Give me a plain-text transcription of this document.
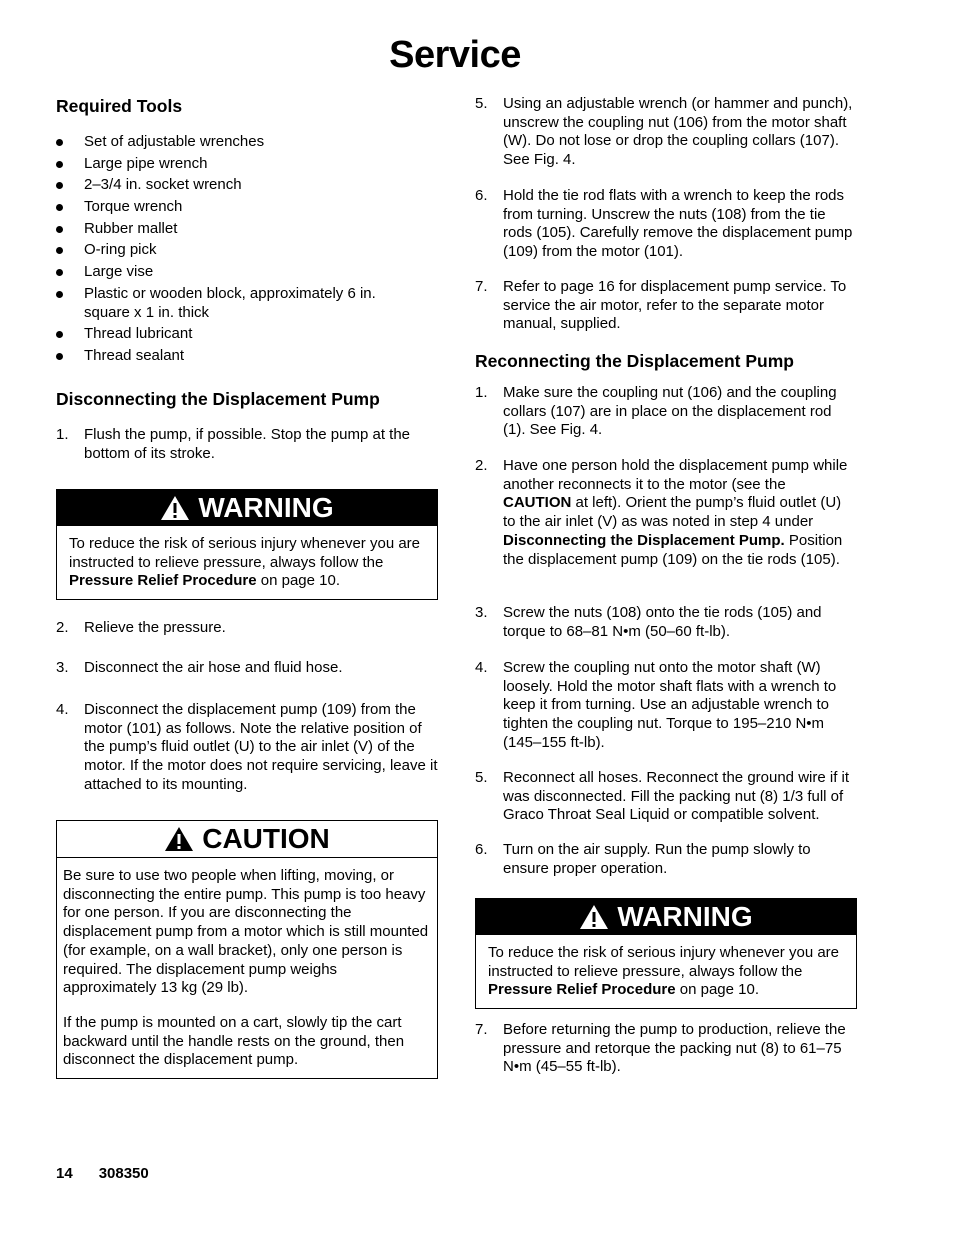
Service
Required Tools
Set of adjustable wrenches
Large pipe wrench
2–3/4 in. socket wrench
Torque wrench
Rubber mallet
O-ring pick
Large vise
Plastic or wooden block, approximately 6 in. square x 1 in. thick
Thread lubricant
Thread sealant
Disconnecting the Displacement Pump
1. Flush the pump, if possible. Stop the pump at the bottom of its stroke.
WARNING
To reduce the risk of serious injury whenever you are instructed to relieve pressure, always follow the Pressure Relief Procedure on page 10.
2. Relieve the pressure.
3. Disconnect the air hose and fluid hose.
4. Disconnect the displacement pump (109) from the motor (101) as follows. Note the relative position of the pump’s fluid outlet (U) to the air inlet (V) of the motor. If the motor does not require servicing, leave it attached to its mounting.
CAUTION

Be sure to use two people when lifting, moving, or disconnecting the entire pump. This pump is too heavy for one person. If you are disconnecting the displacement pump from a motor which is still mounted (for example, on a wall bracket), only one person is required. The displacement pump weighs approximately 13 kg (29 lb).

If the pump is mounted on a cart, slowly tip the cart backward until the handle rests on the ground, then disconnect the displacement pump.

5. Using an adjustable wrench (or hammer and punch), unscrew the coupling nut (106) from the motor shaft (W). Do not lose or drop the coupling collars (107). See Fig. 4.
6. Hold the tie rod flats with a wrench to keep the rods from turning. Unscrew the nuts (108) from the tie rods (105). Carefully remove the displacement pump (109) from the motor (101).
7. Refer to page 16 for displacement pump service. To service the air motor, refer to the separate motor manual, supplied.
Reconnecting the Displacement Pump
1. Make sure the coupling nut (106) and the coupling collars (107) are in place on the displacement rod (1). See Fig. 4.
2. Have one person hold the displacement pump while another reconnects it to the motor (see the CAUTION at left). Orient the pump’s fluid outlet (U) to the air inlet (V) as was noted in step 4 under Disconnecting the Displacement Pump. Position the displacement pump (109) on the tie rods (105).
3. Screw the nuts (108) onto the tie rods (105) and torque to 68–81 N•m (50–60 ft-lb).
4. Screw the coupling nut onto the motor shaft (W) loosely. Hold the motor shaft flats with a wrench to keep it from turning. Use an adjustable wrench to tighten the coupling nut. Torque to 195–210 N•m (145–155 ft-lb).
5. Reconnect all hoses. Reconnect the ground wire if it was disconnected. Fill the packing nut (8) 1/3 full of Graco Throat Seal Liquid or compatible solvent.
6. Turn on the air supply. Run the pump slowly to ensure proper operation.
WARNING
To reduce the risk of serious injury whenever you are instructed to relieve pressure, always follow the Pressure Relief Procedure on page 10.
7. Before returning the pump to production, relieve the pressure and retorque the packing nut (8) to 61–75 N•m (45–55 ft-lb).
14 308350
